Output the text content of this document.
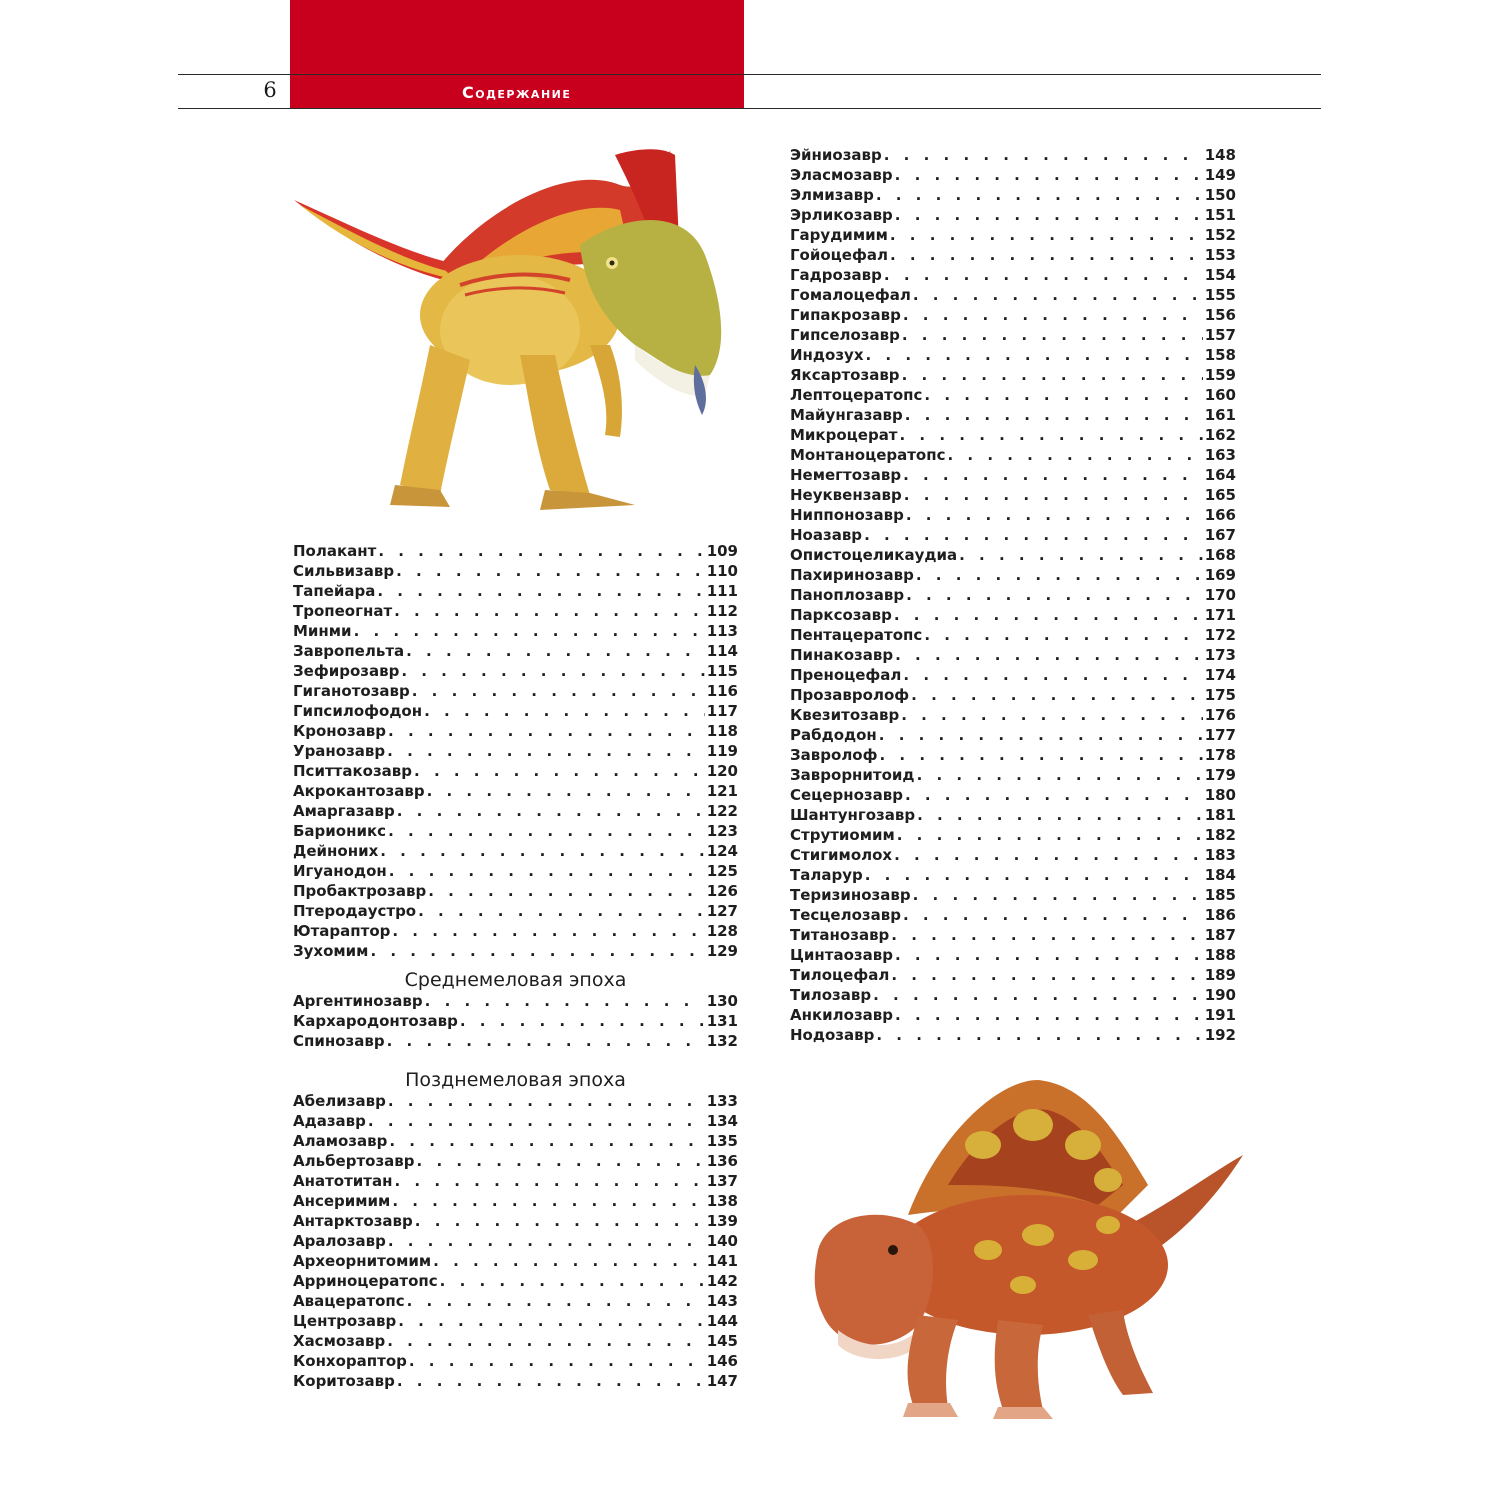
6	Содержание
Полакант . . .	109
Сильвизавр . . .	110
Тапейара . . .	111
Тропеогнат . . .	112
Минми . . .	113
Завропельта . . .	114
Зефирозавр . . .	115
Гиганотозавр . . .	116
Гипсилофодон . . .	117
Кронозавр . . .	118
Уранозавр . . .	119
Пситтакозавр . . .	120
Акрокантозавр . . .	121
Амаргазавр . . .	122
Барионикс . . .	123
Дейноних . . .	124
Игуанодон . . .	125
Пробактрозавр . . .	126
Птеродаустро . . .	127
Ютараптор . . .	128
Зухомим . . .	129
Среднемеловая эпоха
Аргентинозавр . . .	130
Кархародонтозавр . . .	131
Спинозавр . . .	132
Позднемеловая эпоха
Абелизавр . . .	133
Адазавр . . .	134
Аламозавр . . .	135
Альбертозавр . . .	136
Анатотитан . . .	137
Ансеримим . . .	138
Антарктозавр . . .	139
Аралозавр . . .	140
Археорнитомим . . .	141
Арриноцератопс . . .	142
Авацератопс . . .	143
Центрозавр . . .	144
Хасмозавр . . .	145
Конхорaптор . . .	146
Коритозавр . . .	147
Эйниозавр . . .	148
Эласмозавр . . .	149
Элмизавр . . .	150
Эрликозавр . . .	151
Гарудимим . . .	152
Гойоцефал . . .	153
Гадрозавр . . .	154
Гомалоцефал . . .	155
Гипакрозавр . . .	156
Гипселозавр . . .	157
Индозух . . .	158
Яксартозавр . . .	159
Лептоцератопс . . .	160
Майунгазавр . . .	161
Микроцерат . . .	162
Монтаноцератопс . . .	163
Немегтозавр . . .	164
Неуквензавр . . .	165
Ниппонозавр . . .	166
Ноазавр . . .	167
Опистоцеликаудиа . . .	168
Пахиринозавр . . .	169
Паноплозавр . . .	170
Парксозавр . . .	171
Пентацератопс . . .	172
Пинакозавр . . .	173
Преноцефал . . .	174
Прозавролоф . . .	175
Квезитозавр . . .	176
Рабдодон . . .	177
Завролоф . . .	178
Заврорнитоид . . .	179
Сецернозавр . . .	180
Шантунгозавр . . .	181
Струтиомим . . .	182
Стигимолох . . .	183
Таларур . . .	184
Теризинозавр . . .	185
Тесцелозавр . . .	186
Титанозавр . . .	187
Цинтаозавр . . .	188
Тилоцефал . . .	189
Тилозавр . . .	190
Анкилозавр . . .	191
Нодозавр . . .	192
